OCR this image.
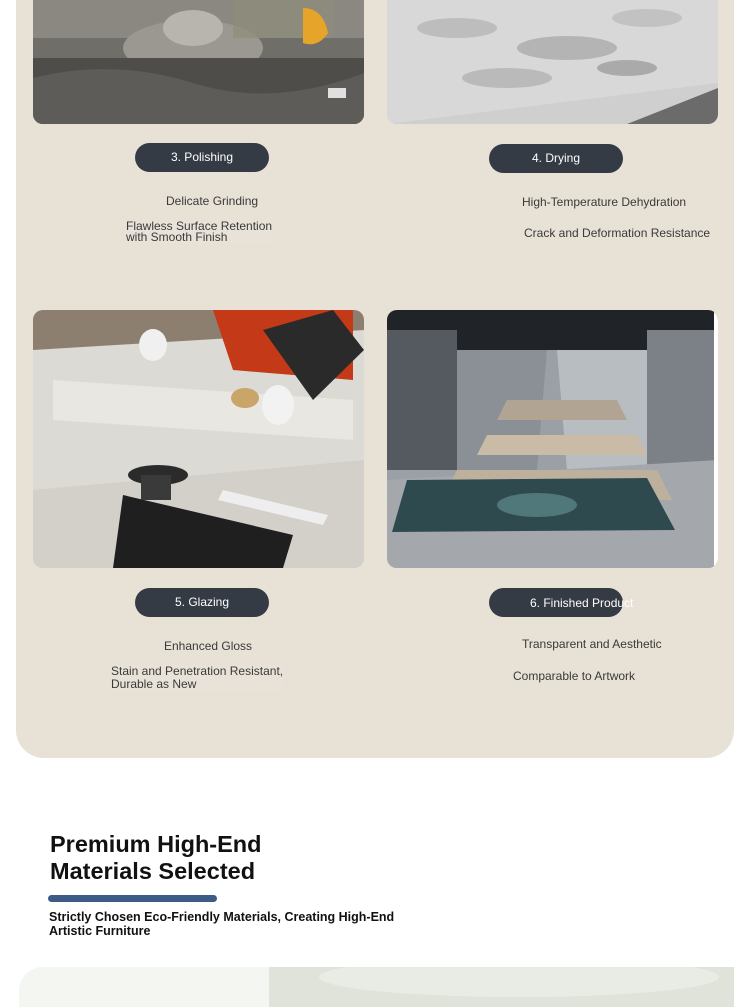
3. Polishing
Delicate Grinding
Flawless Surface Retention
with Smooth Finish
4. Drying
High-Temperature Dehydration
Crack and Deformation Resistance
5. Glazing
Enhanced Gloss
Stain and Penetration Resistant,
Durable as New
6. Finished Product
Transparent and Aesthetic
Comparable to Artwork
Premium High-End
Materials Selected
Strictly Chosen Eco-Friendly Materials, Creating High-End Artistic Furniture
